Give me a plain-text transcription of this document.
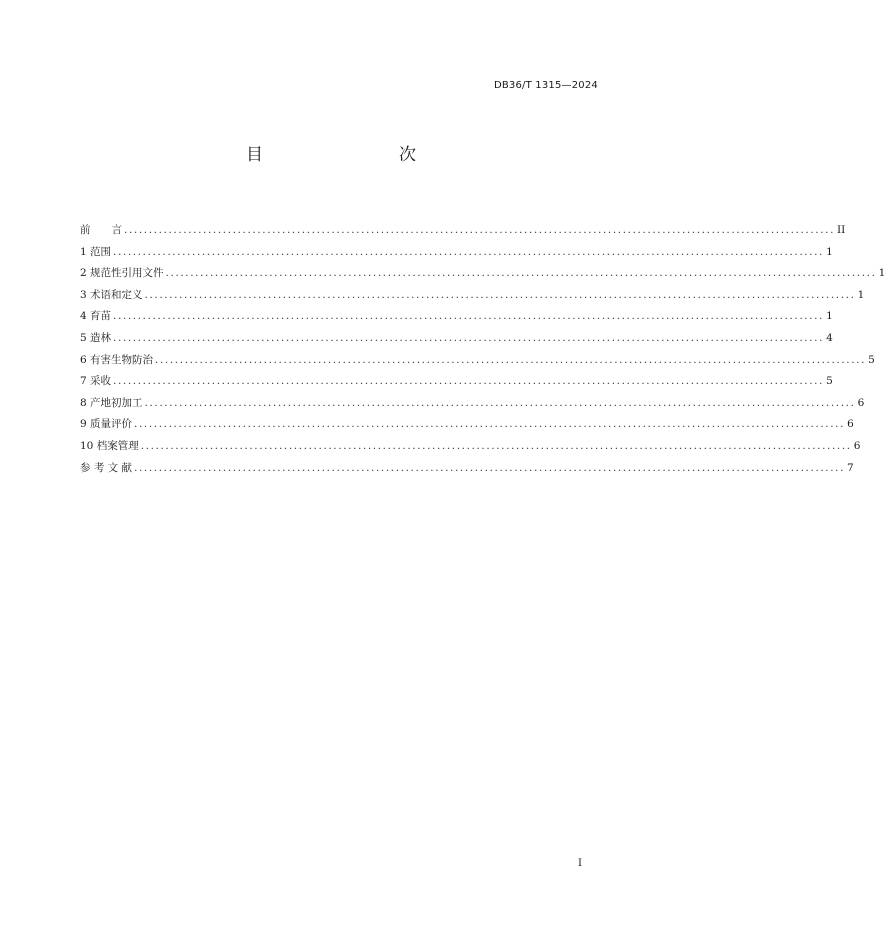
DB36/T 1315—2024
目　　次
前　　言 ................................................................................................................................................ II
1 范围 ................................................................................................................................................ 1
2 规范性引用文件 ................................................................................................................................................ 1
3 术语和定义 ................................................................................................................................................ 1
4 育苗 ................................................................................................................................................ 1
5 造林 ................................................................................................................................................ 4
6 有害生物防治 ................................................................................................................................................ 5
7 采收 ................................................................................................................................................ 5
8 产地初加工 ................................................................................................................................................ 6
9 质量评价 ................................................................................................................................................ 6
10 档案管理 ................................................................................................................................................ 6
参 考 文 献 ................................................................................................................................................ 7
I
